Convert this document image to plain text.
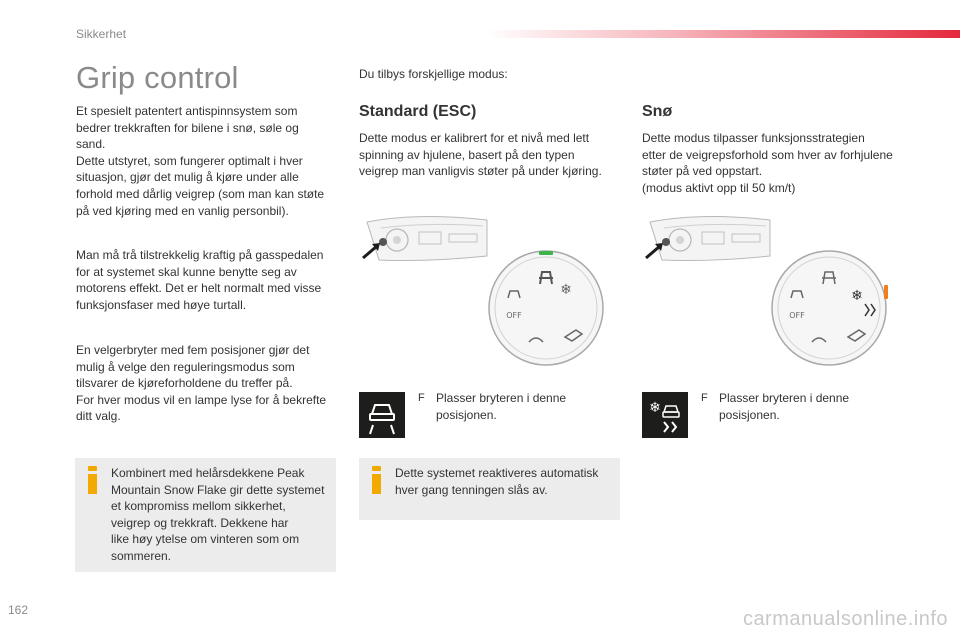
Sikkerhet
Grip control

Et spesielt patentert antispinnsystem som

bedrer trekkraften for bilene i snø, søle og

sand.

Dette utstyret, som fungerer optimalt i hver

situasjon, gjør det mulig å kjøre under alle

forhold med dårlig veigrep (som man kan støte

på ved kjøring med en vanlig personbil).

Man må trå tilstrekkelig kraftig på gasspedalen

for at systemet skal kunne benytte seg av

motorens effekt. Det er helt normalt med visse

funksjonsfaser med høye turtall.

En velgerbryter med fem posisjoner gjør det

mulig å velge den reguleringsmodus som

tilsvarer de kjøreforholdene du treffer på.

For hver modus vil en lampe lyse for å bekrefte

ditt valg.

Kombinert med helårsdekkene Peak
Mountain Snow Flake gir dette systemet
et kompromiss mellom sikkerhet,
veigrep og trekkraft. Dekkene har
like høy ytelse om vinteren som om
sommeren.
Du tilbys forskjellige modus:
Standard (ESC)

Dette modus er kalibrert for et nivå med lett

spinning av hjulene, basert på den typen

veigrep man vanligvis støter på under kjøring.

❄
OFF
F Plasser bryteren i denne

posisjonen.

Dette systemet reaktiveres automatisk
hver gang tenningen slås av.
Snø

Dette modus tilpasser funksjonsstrategien

etter de veigrepsforhold som hver av forhjulene

støter på ved oppstart.

(modus aktivt opp til 50 km/t)

❄
OFF
❄
F Plasser bryteren i denne

posisjonen.

162	carmanualsonline.info
